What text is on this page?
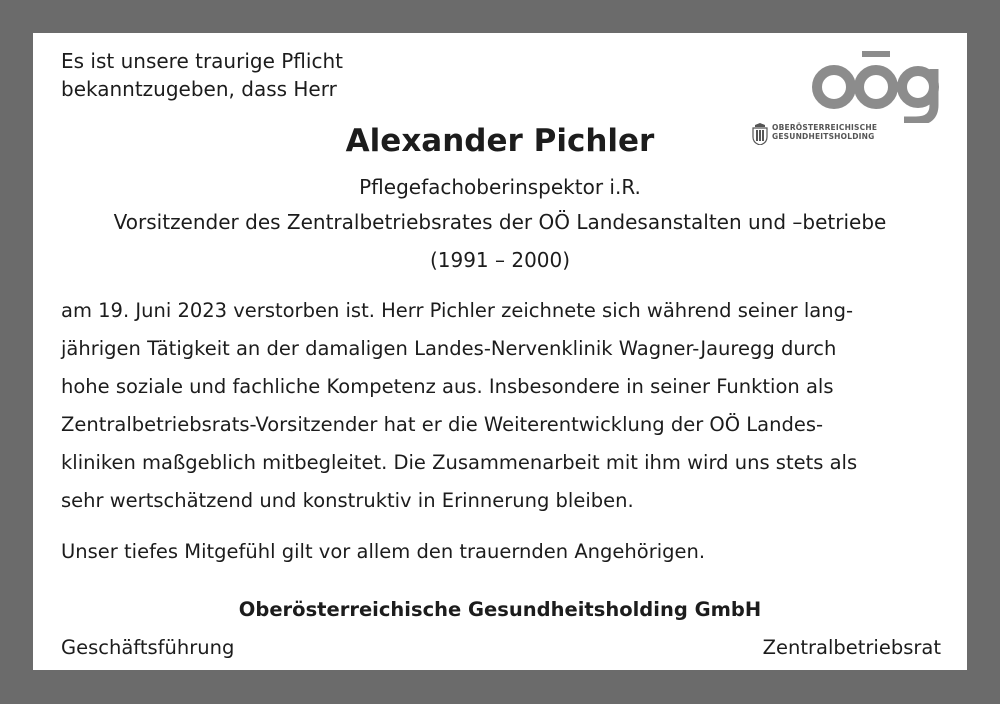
Es ist unsere traurige Pflicht
bekanntzugeben, dass Herr
OBERÖSTERREICHISCHE
GESUNDHEITSHOLDING
Alexander Pichler
Pflegefachoberinspektor i.R.
Vorsitzender des Zentralbetriebsrates der OÖ Landesanstalten und –betriebe
(1991 – 2000)

am 19. Juni 2023 verstorben ist. Herr Pichler zeichnete sich während seiner lang-

jährigen Tätigkeit an der damaligen Landes-Nervenklinik Wagner-Jauregg durch

hohe soziale und fachliche Kompetenz aus. Insbesondere in seiner Funktion als

Zentralbetriebsrats-Vorsitzender hat er die Weiterentwicklung der OÖ Landes-

kliniken maßgeblich mitbegleitet. Die Zusammenarbeit mit ihm wird uns stets als

sehr wertschätzend und konstruktiv in Erinnerung bleiben.

Unser tiefes Mitgefühl gilt vor allem den trauernden Angehörigen.
Oberösterreichische Gesundheitsholding GmbH
Geschäftsführung	Zentralbetriebsrat
